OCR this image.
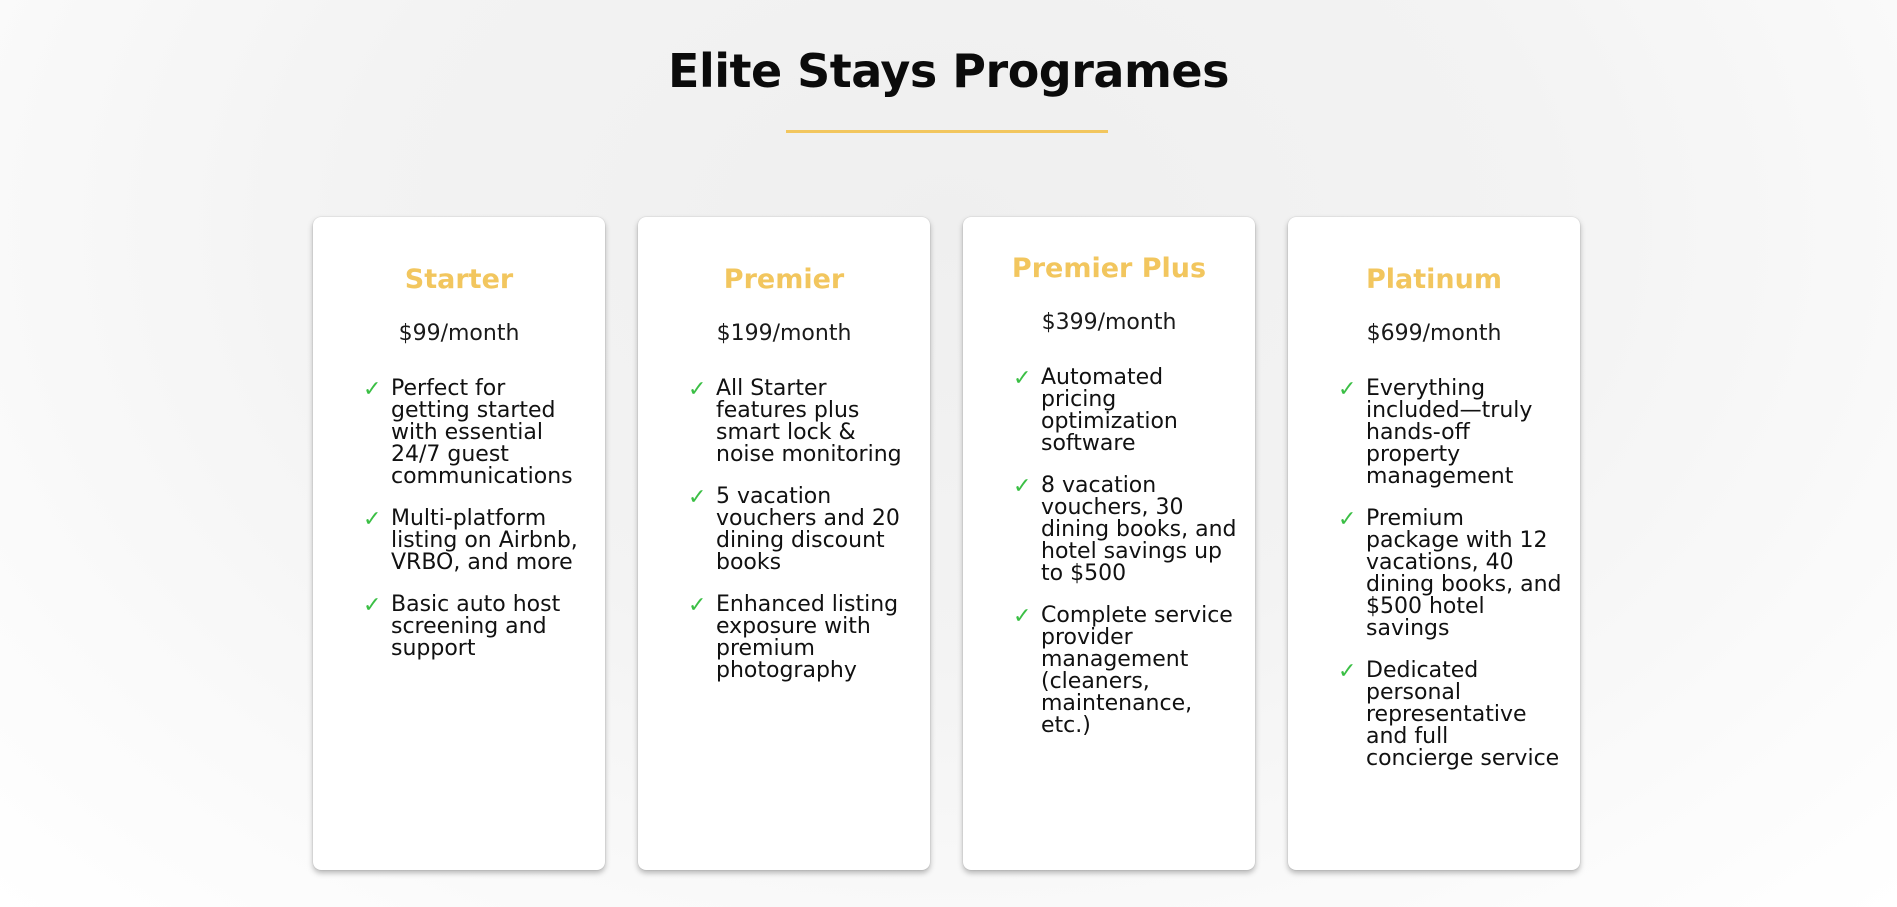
Elite Stays Programes
Starter
$99/month
✓ Perfect for getting started with essential 24/7 guest communications
✓ Multi-platform listing on Airbnb, VRBO, and more
✓ Basic auto host screening and support
Premier
$199/month
✓ All Starter features plus smart lock & noise monitoring
✓ 5 vacation vouchers and 20 dining discount books
✓ Enhanced listing exposure with premium photography
Premier Plus
$399/month
✓ Automated pricing optimization software
✓ 8 vacation vouchers, 30 dining books, and hotel savings up to $500
✓ Complete service provider management (cleaners, maintenance, etc.)
Platinum
$699/month
✓ Everything included—truly hands-off property management
✓ Premium package with 12 vacations, 40 dining books, and $500 hotel savings
✓ Dedicated personal representative and full concierge service
